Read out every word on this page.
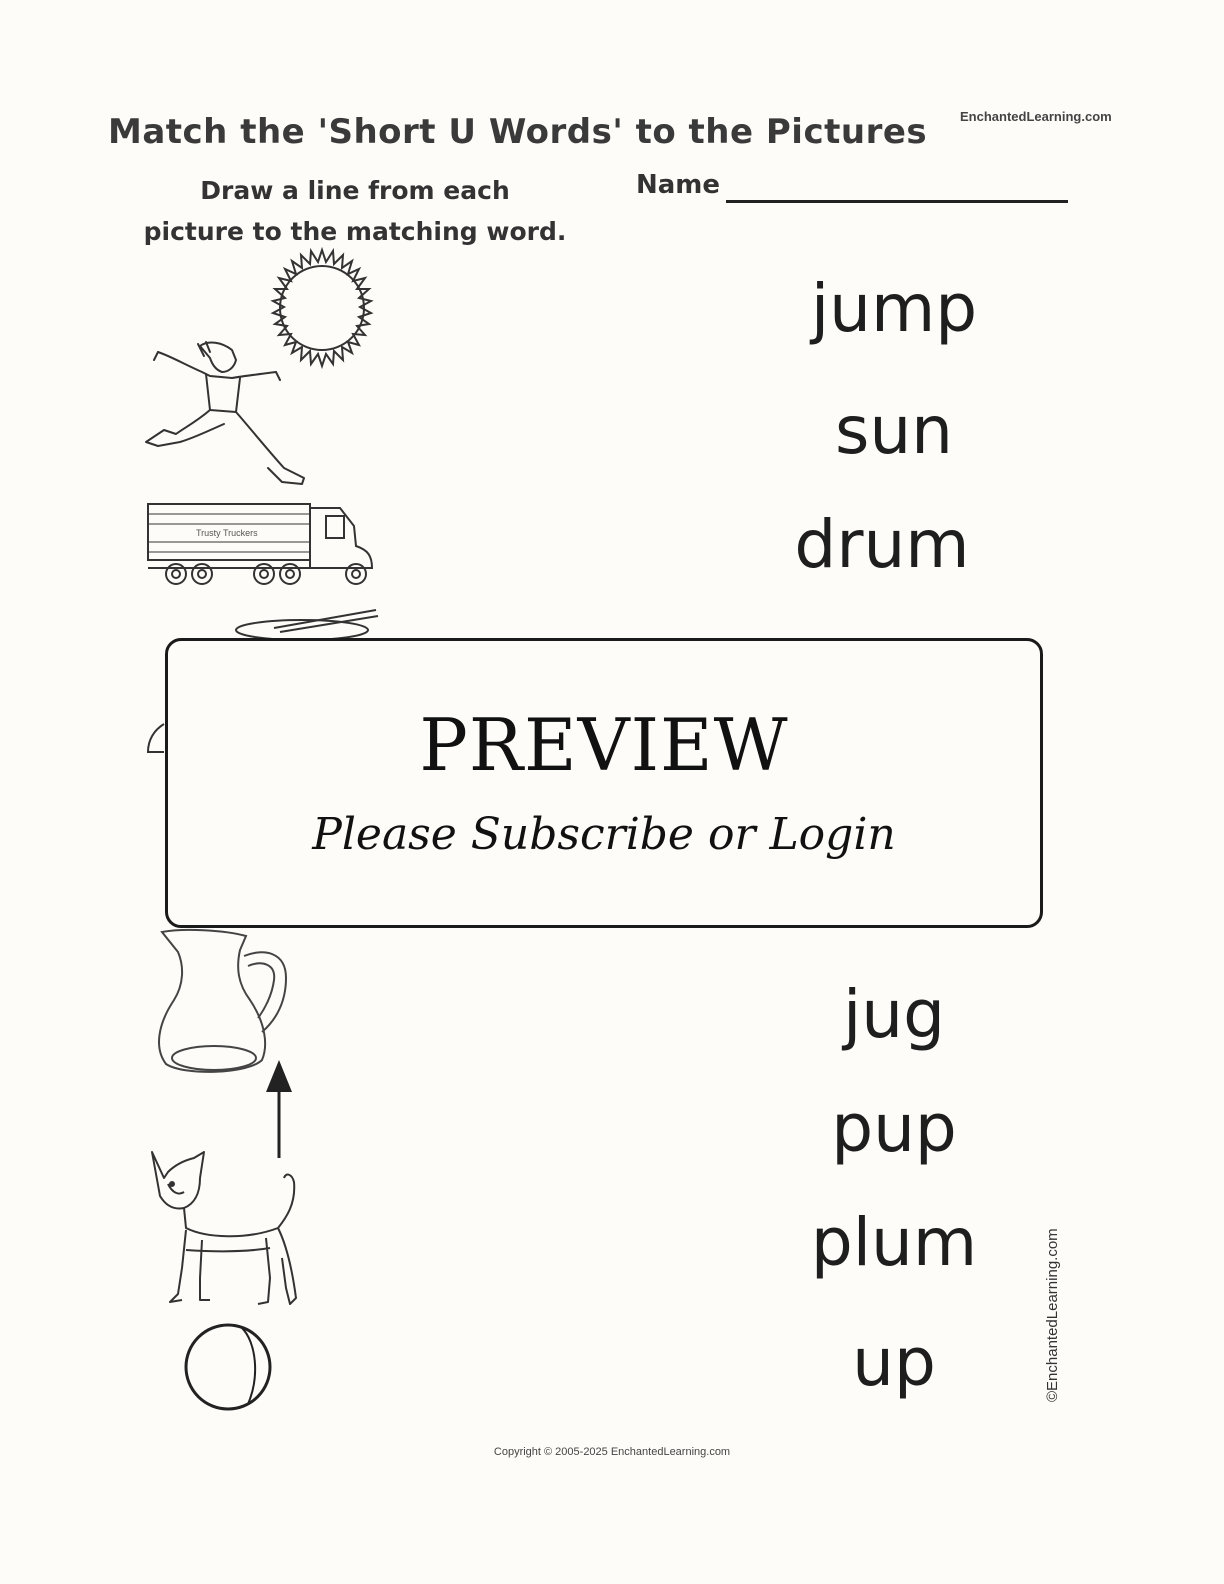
Match the 'Short U Words' to the Pictures	EnchantedLearning.com
Draw a line from each
picture to the matching word.
Name
Trusty Truckers
jump
sun
drum
jug
pup
plum
up
PREVIEW
Please Subscribe or Login
©EnchantedLearning.com
Copyright © 2005-2025 EnchantedLearning.com
